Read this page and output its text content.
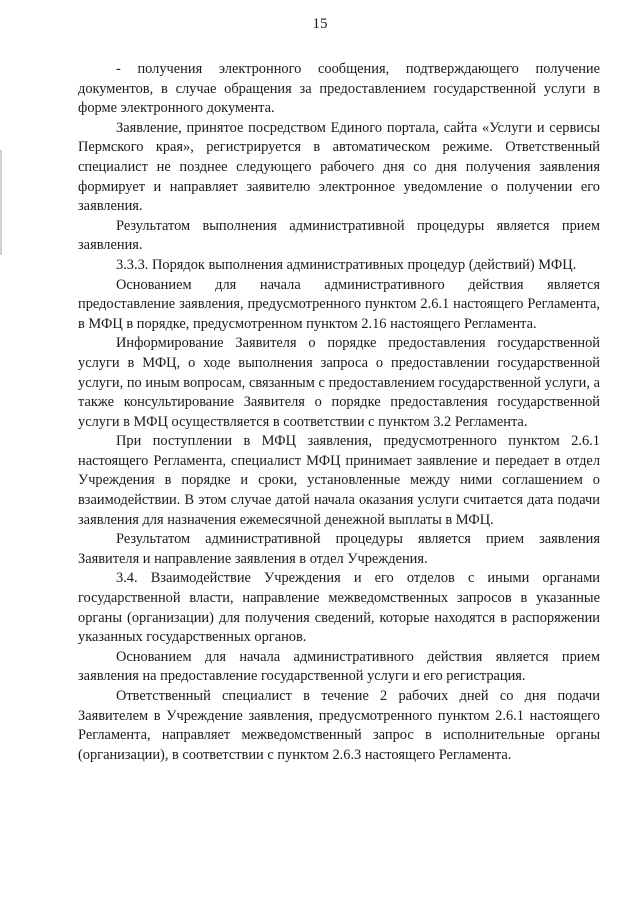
15

- получения электронного сообщения, подтверждающего получение документов, в случае обращения за предоставлением государственной услуги в форме электронного документа.

Заявление, принятое посредством Единого портала, сайта «Услуги и сервисы Пермского края», регистрируется в автоматическом режиме. Ответственный специалист не позднее следующего рабочего дня со дня получения заявления формирует и направляет заявителю электронное уведомление о получении его заявления.

Результатом выполнения административной процедуры является прием заявления.

3.3.3. Порядок выполнения административных процедур (действий) МФЦ.

Основанием для начала административного действия является предоставление заявления, предусмотренного пунктом 2.6.1 настоящего Регламента, в МФЦ в порядке, предусмотренном пунктом 2.16 настоящего Регламента.

Информирование Заявителя о порядке предоставления государственной услуги в МФЦ, о ходе выполнения запроса о предоставлении государственной услуги, по иным вопросам, связанным с предоставлением государственной услуги, а также консультирование Заявителя о порядке предоставления государственной услуги в МФЦ осуществляется в соответствии с пунктом 3.2 Регламента.

При поступлении в МФЦ заявления, предусмотренного пунктом 2.6.1 настоящего Регламента, специалист МФЦ принимает заявление и передает в отдел Учреждения в порядке и сроки, установленные между ними соглашением о взаимодействии. В этом случае датой начала оказания услуги считается дата подачи заявления для назначения ежемесячной денежной выплаты в МФЦ.

Результатом административной процедуры является прием заявления Заявителя и направление заявления в отдел Учреждения.

3.4. Взаимодействие Учреждения и его отделов с иными органами государственной власти, направление межведомственных запросов в указанные органы (организации) для получения сведений, которые находятся в распоряжении указанных государственных органов.

Основанием для начала административного действия является прием заявления на предоставление государственной услуги и его регистрация.

Ответственный специалист в течение 2 рабочих дней со дня подачи Заявителем в Учреждение заявления, предусмотренного пунктом 2.6.1 настоящего Регламента, направляет межведомственный запрос в исполнительные органы (организации), в соответствии с пунктом 2.6.3 настоящего Регламента.
